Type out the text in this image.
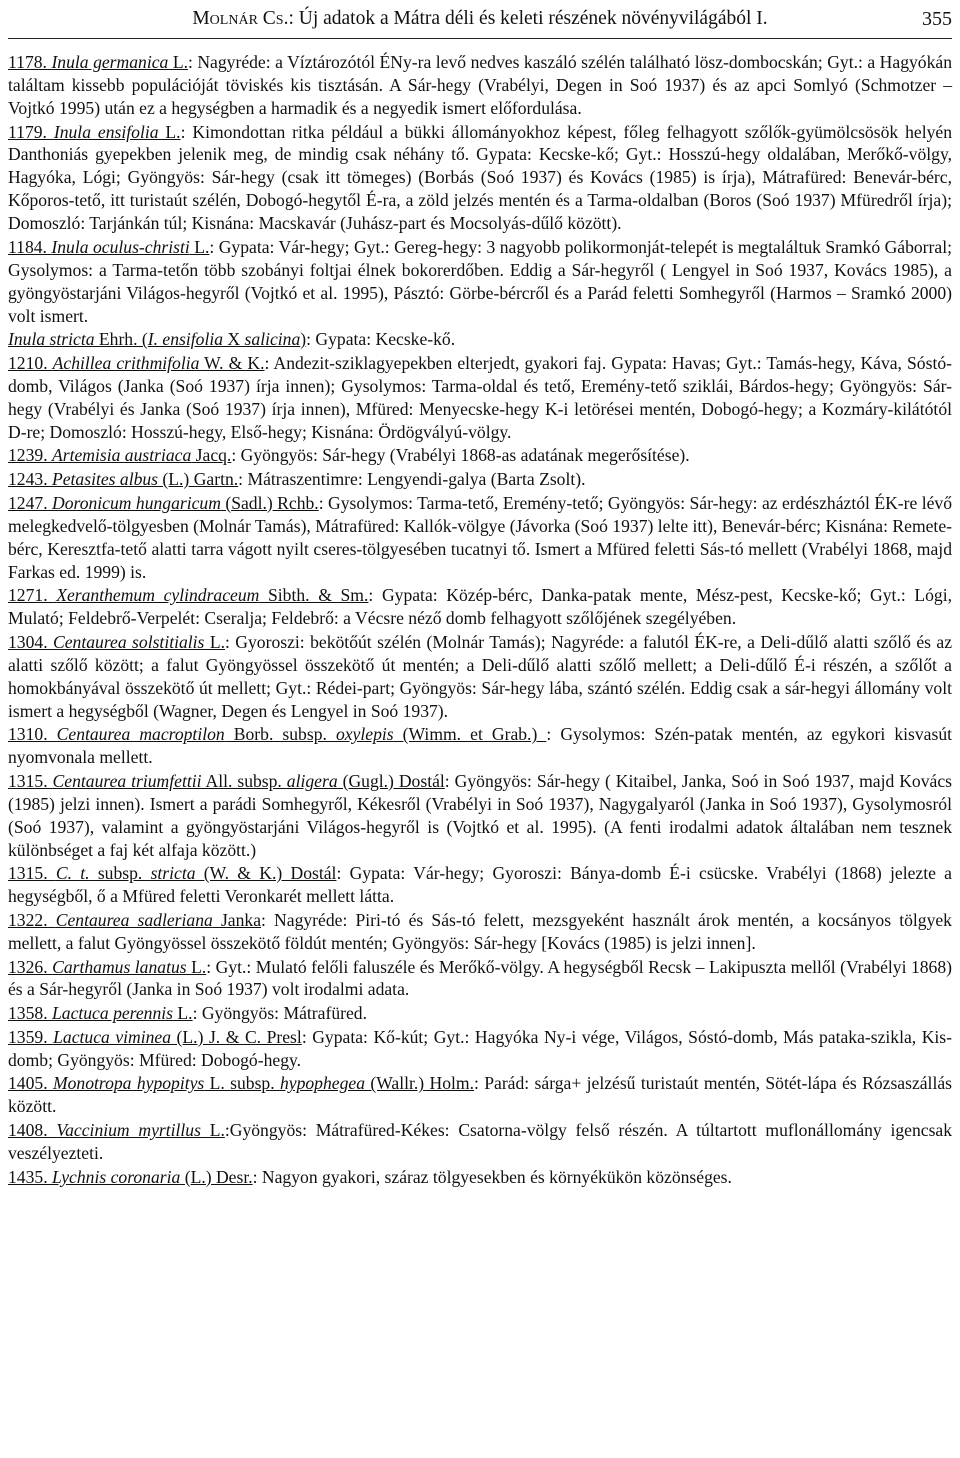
Molnár Cs.: Új adatok a Mátra déli és keleti részének növényvilágából I.	355

1178. Inula germanica L.: Nagyréde: a Víztározótól ÉNy-ra levő nedves kaszáló szélén található lösz-dombocskán; Gyt.: a Hagyókán találtam kissebb populációját töviskés kis tisztásán. A Sár-hegy (Vrabélyi, Degen in Soó 1937) és az apci Somlyó (Schmotzer – Vojtkó 1995) után ez a hegységben a harmadik és a negyedik ismert előfordulása.

1179. Inula ensifolia L.: Kimondottan ritka például a bükki állományokhoz képest, főleg felhagyott szőlők-gyümölcsösök helyén Danthoniás gyepekben jelenik meg, de mindig csak néhány tő. Gypata: Kecske-kő; Gyt.: Hosszú-hegy oldalában, Merőkő-völgy, Hagyóka, Lógi; Gyöngyös: Sár-hegy (csak itt tömeges) (Borbás (Soó 1937) és Kovács (1985) is írja), Mátrafüred: Benevár-bérc, Kőporos-tető, itt turistaút szélén, Dobogó-hegytől É-ra, a zöld jelzés mentén és a Tarma-oldalban (Boros (Soó 1937) Mfüredről írja); Domoszló: Tarjánkán túl; Kisnána: Macskavár (Juhász-part és Mocsolyás-dűlő között).

1184. Inula oculus-christi L.: Gypata: Vár-hegy; Gyt.: Gereg-hegy: 3 nagyobb polikormonját-telepét is megtaláltuk Sramkó Gáborral; Gysolymos: a Tarma-tetőn több szobányi foltjai élnek bokorerdőben. Eddig a Sár-hegyről ( Lengyel in Soó 1937, Kovács 1985), a gyöngyöstarjáni Világos-hegyről (Vojtkó et al. 1995), Pásztó: Görbe-bércről és a Parád feletti Somhegyről (Harmos – Sramkó 2000) volt ismert.

Inula stricta Ehrh. (I. ensifolia X salicina): Gypata: Kecske-kő.

1210. Achillea crithmifolia W. & K.: Andezit-sziklagyepekben elterjedt, gyakori faj. Gypata: Havas; Gyt.: Tamás-hegy, Káva, Sóstó-domb, Világos (Janka (Soó 1937) írja innen); Gysolymos: Tarma-oldal és tető, Eremény-tető sziklái, Bárdos-hegy; Gyöngyös: Sár-hegy (Vrabélyi és Janka (Soó 1937) írja innen), Mfüred: Menyecske-hegy K-i letörései mentén, Dobogó-hegy; a Kozmáry-kilátótól D-re; Domoszló: Hosszú-hegy, Első-hegy; Kisnána: Ördögvályú-völgy.

1239. Artemisia austriaca Jacq.: Gyöngyös: Sár-hegy (Vrabélyi 1868-as adatának megerősítése).

1243. Petasites albus (L.) Gartn.: Mátraszentimre: Lengyendi-galya (Barta Zsolt).

1247. Doronicum hungaricum (Sadl.) Rchb.: Gysolymos: Tarma-tető, Eremény-tető; Gyöngyös: Sár-hegy: az erdészháztól ÉK-re lévő melegkedvelő-tölgyesben (Molnár Tamás), Mátrafüred: Kallók-völgye (Jávorka (Soó 1937) lelte itt), Benevár-bérc; Kisnána: Remete-bérc, Keresztfa-tető alatti tarra vágott nyilt cseres-tölgyesében tucatnyi tő. Ismert a Mfüred feletti Sás-tó mellett (Vrabélyi 1868, majd Farkas ed. 1999) is.

1271. Xeranthemum cylindraceum Sibth. & Sm.: Gypata: Közép-bérc, Danka-patak mente, Mész-pest, Kecske-kő; Gyt.: Lógi, Mulató; Feldebrő-Verpelét: Cseralja; Feldebrő: a Vécsre néző domb felhagyott szőlőjének szegélyében.

1304. Centaurea solstitialis L.: Gyoroszi: bekötőút szélén (Molnár Tamás); Nagyréde: a falutól ÉK-re, a Deli-dűlő alatti szőlő és az alatti szőlő között; a falut Gyöngyössel összekötő út mentén; a Deli-dűlő alatti szőlő mellett; a Deli-dűlő É-i részén, a szőlőt a homokbányával összekötő út mellett; Gyt.: Rédei-part; Gyöngyös: Sár-hegy lába, szántó szélén. Eddig csak a sár-hegyi állomány volt ismert a hegységből (Wagner, Degen és Lengyel in Soó 1937).

1310. Centaurea macroptilon Borb. subsp. oxylepis (Wimm. et Grab.) : Gysolymos: Szén-patak mentén, az egykori kisvasút nyomvonala mellett.

1315. Centaurea triumfettii All. subsp. aligera (Gugl.) Dostál: Gyöngyös: Sár-hegy ( Kitaibel, Janka, Soó in Soó 1937, majd Kovács (1985) jelzi innen). Ismert a parádi Somhegyről, Kékesről (Vrabélyi in Soó 1937), Nagygalyaról (Janka in Soó 1937), Gysolymosról (Soó 1937), valamint a gyöngyöstarjáni Világos-hegyről is (Vojtkó et al. 1995). (A fenti irodalmi adatok általában nem tesznek különbséget a faj két alfaja között.)

1315. C. t. subsp. stricta (W. & K.) Dostál: Gypata: Vár-hegy; Gyoroszi: Bánya-domb É-i csücske. Vrabélyi (1868) jelezte a hegységből, ő a Mfüred feletti Veronkarét mellett látta.

1322. Centaurea sadleriana Janka: Nagyréde: Piri-tó és Sás-tó felett, mezsgyeként használt árok mentén, a kocsányos tölgyek mellett, a falut Gyöngyössel összekötő földút mentén; Gyöngyös: Sár-hegy [Kovács (1985) is jelzi innen].

1326. Carthamus lanatus L.: Gyt.: Mulató felőli faluszéle és Merőkő-völgy. A hegységből Recsk – Lakipuszta mellől (Vrabélyi 1868) és a Sár-hegyről (Janka in Soó 1937) volt irodalmi adata.

1358. Lactuca perennis L.: Gyöngyös: Mátrafüred.

1359. Lactuca viminea (L.) J. & C. Presl: Gypata: Kő-kút; Gyt.: Hagyóka Ny-i vége, Világos, Sóstó-domb, Más pataka-szikla, Kis-domb; Gyöngyös: Mfüred: Dobogó-hegy.

1405. Monotropa hypopitys L. subsp. hypophegea (Wallr.) Holm.: Parád: sárga+ jelzésű turistaút mentén, Sötét-lápa és Rózsaszállás között.

1408. Vaccinium myrtillus L.:Gyöngyös: Mátrafüred-Kékes: Csatorna-völgy felső részén. A túltartott muflonállomány igencsak veszélyezteti.

1435. Lychnis coronaria (L.) Desr.: Nagyon gyakori, száraz tölgyesekben és környékükön közönséges.
